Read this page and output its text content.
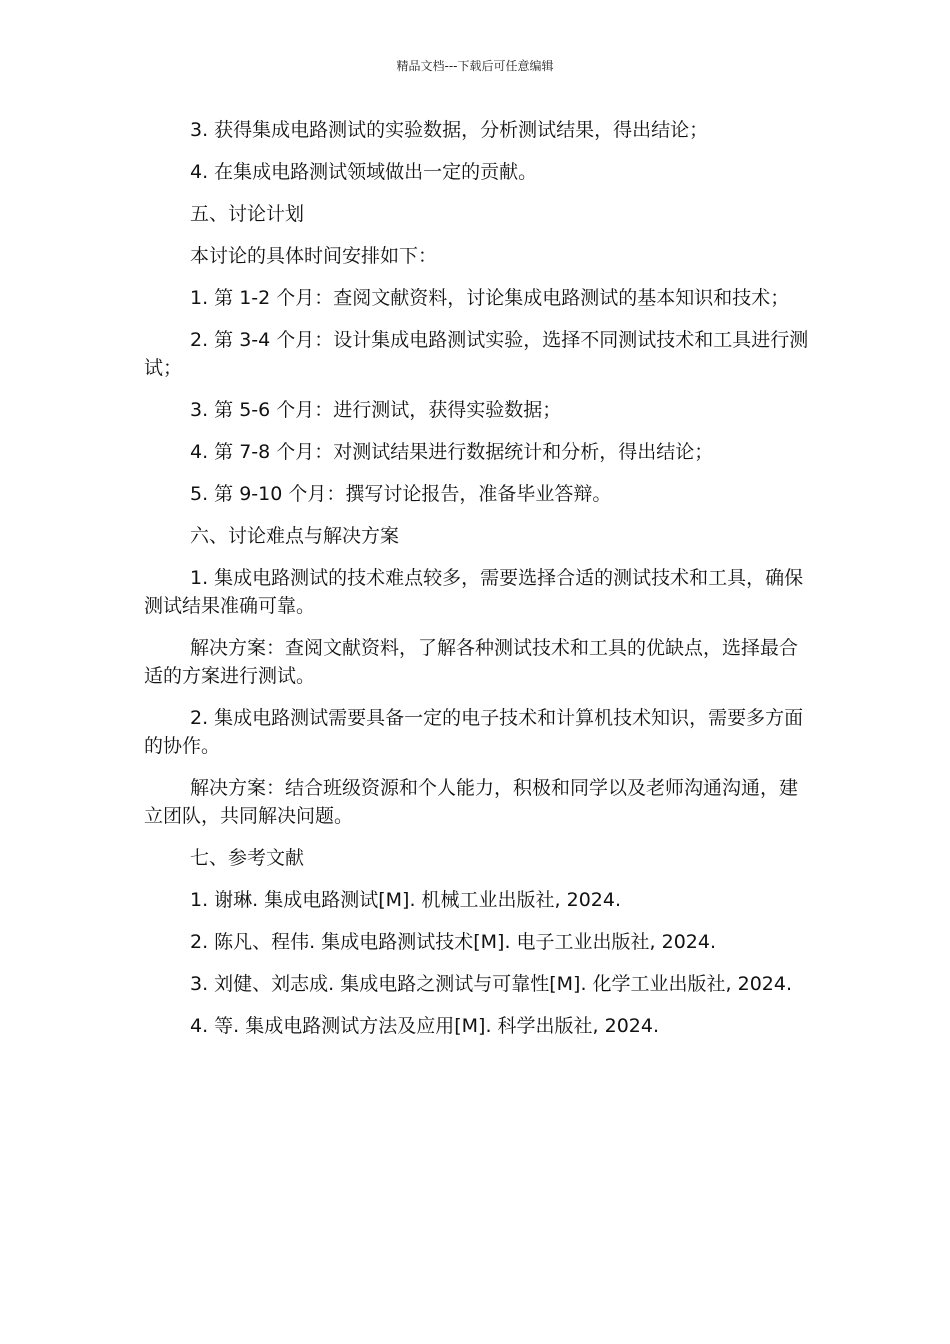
精品文档---下载后可任意编辑

3. 获得集成电路测试的实验数据，分析测试结果，得出结论；

4. 在集成电路测试领域做出一定的贡献。

五、讨论计划

本讨论的具体时间安排如下：

1. 第 1-2 个月：查阅文献资料，讨论集成电路测试的基本知识和技术；

2. 第 3-4 个月：设计集成电路测试实验，选择不同测试技术和工具进行测试；

3. 第 5-6 个月：进行测试，获得实验数据；

4. 第 7-8 个月：对测试结果进行数据统计和分析，得出结论；

5. 第 9-10 个月：撰写讨论报告，准备毕业答辩。

六、讨论难点与解决方案

1. 集成电路测试的技术难点较多，需要选择合适的测试技术和工具，确保测试结果准确可靠。

解决方案：查阅文献资料，了解各种测试技术和工具的优缺点，选择最合适的方案进行测试。

2. 集成电路测试需要具备一定的电子技术和计算机技术知识，需要多方面的协作。

解决方案：结合班级资源和个人能力，积极和同学以及老师沟通沟通，建立团队，共同解决问题。

七、参考文献

1. 谢琳. 集成电路测试[M]. 机械工业出版社, 2024.

2. 陈凡、程伟. 集成电路测试技术[M]. 电子工业出版社, 2024.

3. 刘健、刘志成. 集成电路之测试与可靠性[M]. 化学工业出版社, 2024.

4. 等. 集成电路测试方法及应用[M]. 科学出版社, 2024.
